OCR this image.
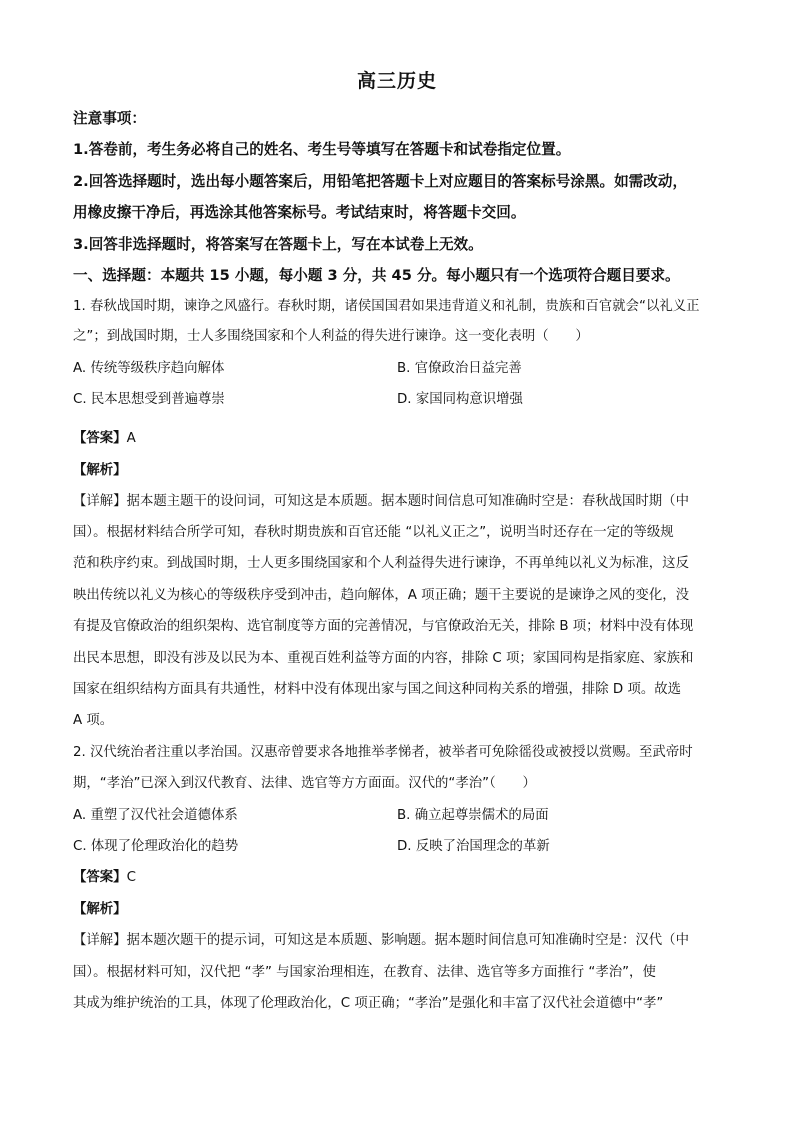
高三历史
注意事项：
1.答卷前，考生务必将自己的姓名、考生号等填写在答题卡和试卷指定位置。
2.回答选择题时，选出每小题答案后，用铅笔把答题卡上对应题目的答案标号涂黑。如需改动，
用橡皮擦干净后，再选涂其他答案标号。考试结束时，将答题卡交回。
3.回答非选择题时，将答案写在答题卡上，写在本试卷上无效。
一、选择题：本题共 15 小题，每小题 3 分，共 45 分。每小题只有一个选项符合题目要求。
1. 春秋战国时期，谏诤之风盛行。春秋时期，诸侯国国君如果违背道义和礼制，贵族和百官就会“以礼义正
之”；到战国时期，士人多围绕国家和个人利益的得失进行谏诤。这一变化表明（　　）
A. 传统等级秩序趋向解体	B. 官僚政治日益完善
C. 民本思想受到普遍尊崇	D. 家国同构意识增强
【答案】A
【解析】
【详解】据本题主题干的设问词，可知这是本质题。据本题时间信息可知准确时空是：春秋战国时期（中
国）。根据材料结合所学可知，春秋时期贵族和百官还能 “以礼义正之”，说明当时还存在一定的等级规
范和秩序约束。到战国时期，士人更多围绕国家和个人利益得失进行谏诤，不再单纯以礼义为标准，这反
映出传统以礼义为核心的等级秩序受到冲击，趋向解体，A 项正确；题干主要说的是谏诤之风的变化，没
有提及官僚政治的组织架构、选官制度等方面的完善情况，与官僚政治无关，排除 B 项；材料中没有体现
出民本思想，即没有涉及以民为本、重视百姓利益等方面的内容，排除 C 项；家国同构是指家庭、家族和
国家在组织结构方面具有共通性，材料中没有体现出家与国之间这种同构关系的增强，排除 D 项。故选
A 项。
2. 汉代统治者注重以孝治国。汉惠帝曾要求各地推举孝悌者，被举者可免除徭役或被授以赏赐。至武帝时
期，“孝治”已深入到汉代教育、法律、选官等方方面面。汉代的“孝治”（　　）
A. 重塑了汉代社会道德体系	B. 确立起尊崇儒术的局面
C. 体现了伦理政治化的趋势	D. 反映了治国理念的革新
【答案】C
【解析】
【详解】据本题次题干的提示词，可知这是本质题、影响题。据本题时间信息可知准确时空是：汉代（中
国）。根据材料可知，汉代把 “孝” 与国家治理相连，在教育、法律、选官等多方面推行 “孝治”，使
其成为维护统治的工具，体现了伦理政治化，C 项正确；“孝治”是强化和丰富了汉代社会道德中“孝”
